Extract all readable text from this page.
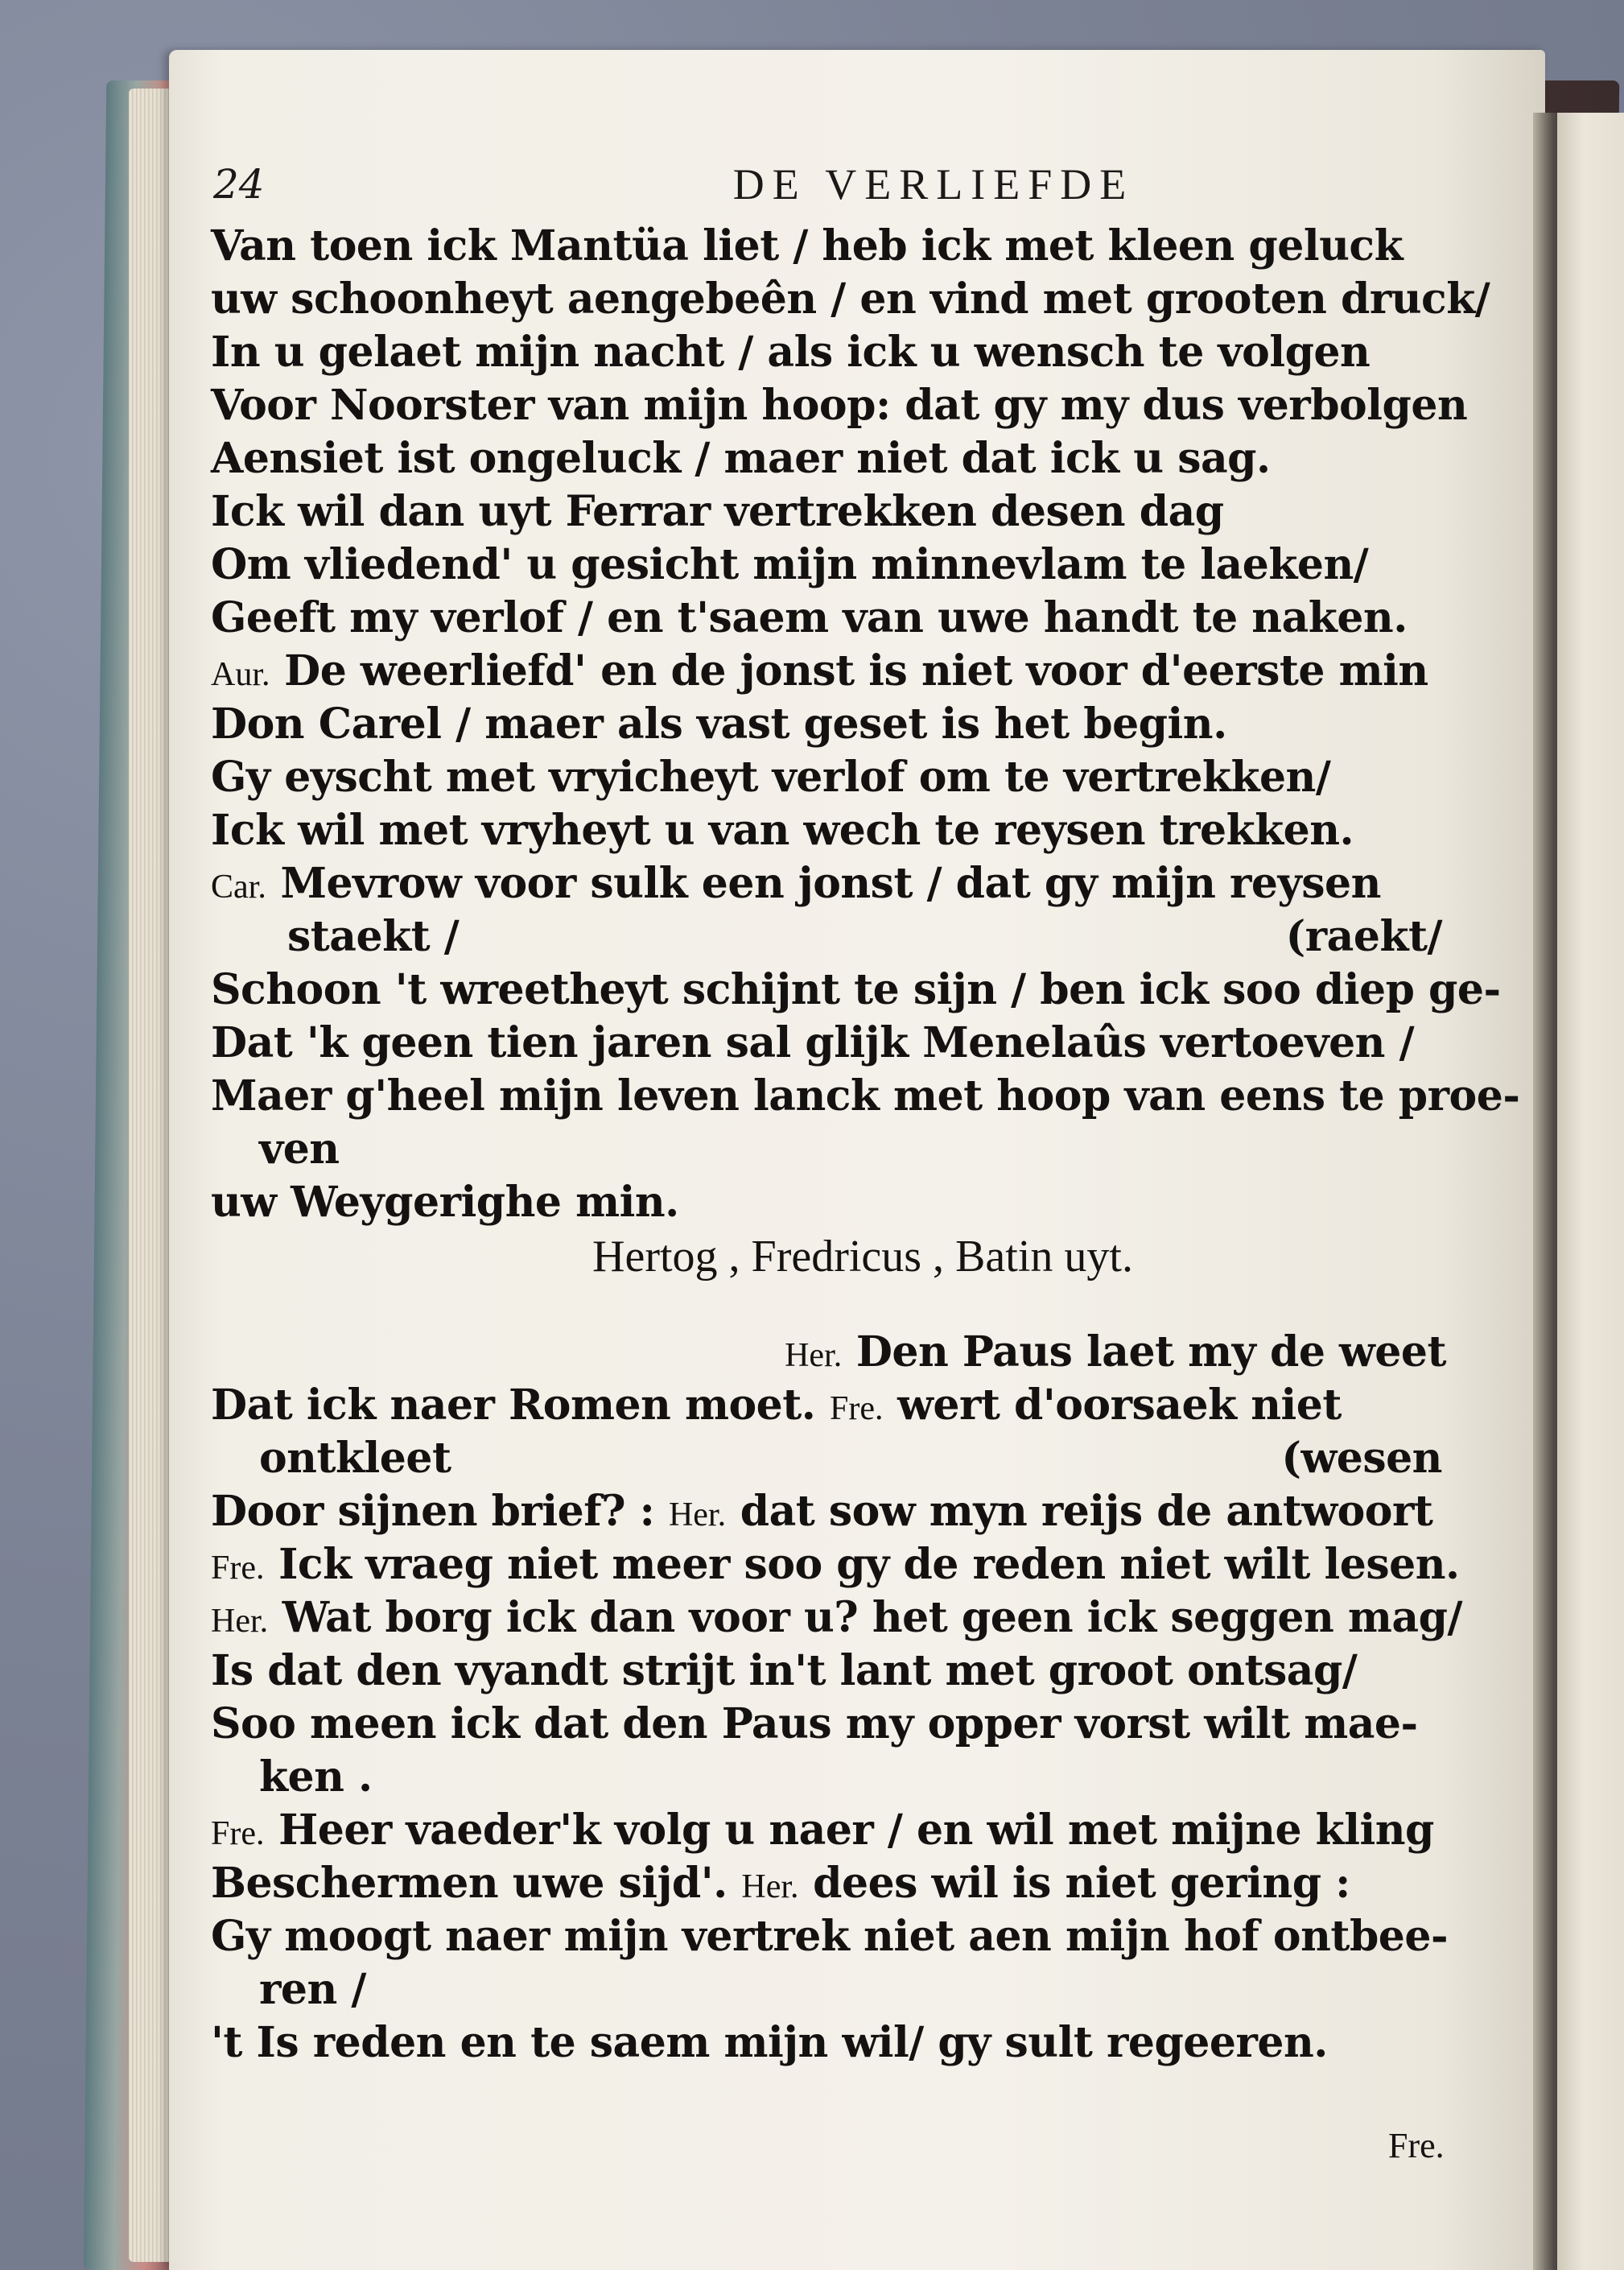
24	DE VERLIEFDE
Van toen ick Mantüa liet / heb ick met kleen geluck
uw schoonheyt aengebeên / en vind met grooten druck/
In u gelaet mijn nacht / als ick u wensch te volgen
Voor Noorster van mijn hoop: dat gy my dus verbolgen
Aensiet ist ongeluck / maer niet dat ick u sag.
Ick wil dan uyt Ferrar vertrekken desen dag
Om vliedend' u gesicht mijn minnevlam te laeken/
Geeft my verlof / en t'saem van uwe handt te naken.
Aur. De weerliefd' en de jonst is niet voor d'eerste min
Don Carel / maer als vast geset is het begin.
Gy eyscht met vryicheyt verlof om te vertrekken/
Ick wil met vryheyt u van wech te reysen trekken.
Car. Mevrow voor sulk een jonst / dat gy mijn reysen
staekt /	(raekt/
Schoon 't wreetheyt schijnt te sijn / ben ick soo diep ge-
Dat 'k geen tien jaren sal glijk Menelaûs vertoeven /
Maer g'heel mijn leven lanck met hoop van eens te proe-
ven
uw Weygerighe min.
Hertog , Fredricus , Batin uyt.
Her. Den Paus laet my de weet
Dat ick naer Romen moet. Fre. wert d'oorsaek niet
ontkleet	(wesen
Door sijnen brief? : Her. dat sow myn reijs de antwoort
Fre. Ick vraeg niet meer soo gy de reden niet wilt lesen.
Her. Wat borg ick dan voor u? het geen ick seggen mag/
Is dat den vyandt strijt in't lant met groot ontsag/
Soo meen ick dat den Paus my opper vorst wilt mae-
ken .
Fre. Heer vaeder'k volg u naer / en wil met mijne kling
Beschermen uwe sijd'. Her. dees wil is niet gering :
Gy moogt naer mijn vertrek niet aen mijn hof ontbee-
ren /
't Is reden en te saem mijn wil/ gy sult regeeren.
Fre.
